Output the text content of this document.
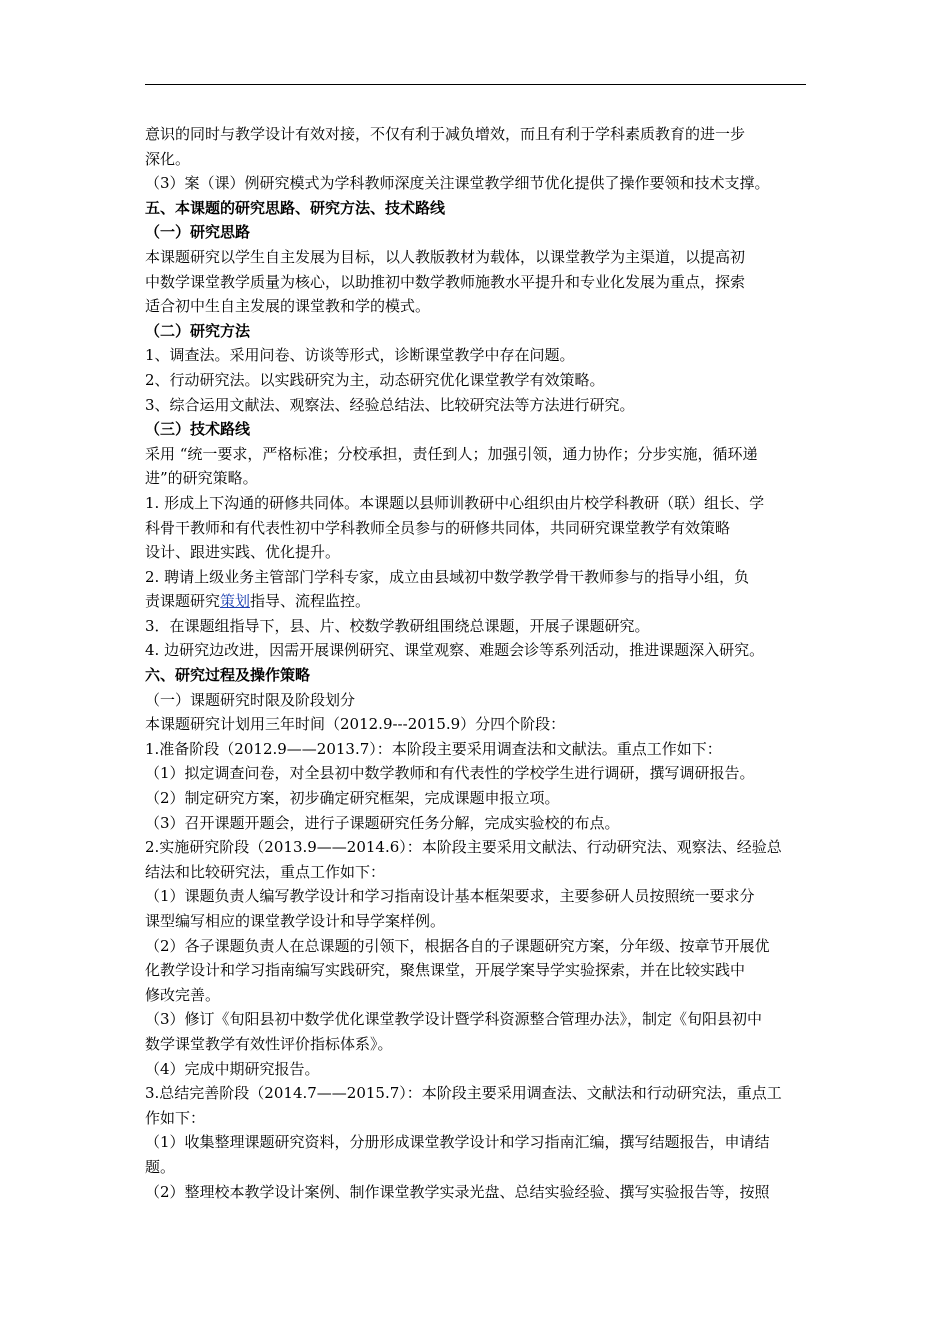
意识的同时与教学设计有效对接，不仅有利于减负增效，而且有利于学科素质教育的进一步

深化。

（3）案（课）例研究模式为学科教师深度关注课堂教学细节优化提供了操作要领和技术支撑。

五、本课题的研究思路、研究方法、技术路线

（一）研究思路

本课题研究以学生自主发展为目标，以人教版教材为载体，以课堂教学为主渠道，以提高初

中数学课堂教学质量为核心，以助推初中数学教师施教水平提升和专业化发展为重点，探索

适合初中生自主发展的课堂教和学的模式。

（二）研究方法

1、调查法。采用问卷、访谈等形式，诊断课堂教学中存在问题。

2、行动研究法。以实践研究为主，动态研究优化课堂教学有效策略。

3、综合运用文献法、观察法、经验总结法、比较研究法等方法进行研究。

（三）技术路线

采用 “统一要求，严格标准；分校承担，责任到人；加强引领，通力协作；分步实施，循环递

进”的研究策略。

1. 形成上下沟通的研修共同体。本课题以县师训教研中心组织由片校学科教研（联）组长、学

科骨干教师和有代表性初中学科教师全员参与的研修共同体，共同研究课堂教学有效策略

设计、跟进实践、优化提升。

2. 聘请上级业务主管部门学科专家，成立由县域初中数学教学骨干教师参与的指导小组，负

责课题研究策划指导、流程监控。

3．在课题组指导下，县、片、校数学教研组围绕总课题，开展子课题研究。

4. 边研究边改进，因需开展课例研究、课堂观察、难题会诊等系列活动，推进课题深入研究。

六、研究过程及操作策略

（一）课题研究时限及阶段划分

本课题研究计划用三年时间（2012.9---2015.9）分四个阶段：

1.准备阶段（2012.9——2013.7）：本阶段主要采用调查法和文献法。重点工作如下：

（1）拟定调查问卷，对全县初中数学教师和有代表性的学校学生进行调研，撰写调研报告。

（2）制定研究方案，初步确定研究框架，完成课题申报立项。

（3）召开课题开题会，进行子课题研究任务分解，完成实验校的布点。

2.实施研究阶段（2013.9——2014.6）：本阶段主要采用文献法、行动研究法、观察法、经验总

结法和比较研究法，重点工作如下：

（1）课题负责人编写教学设计和学习指南设计基本框架要求，主要参研人员按照统一要求分

课型编写相应的课堂教学设计和导学案样例。

（2）各子课题负责人在总课题的引领下，根据各自的子课题研究方案，分年级、按章节开展优

化教学设计和学习指南编写实践研究，聚焦课堂，开展学案导学实验探索，并在比较实践中

修改完善。

（3）修订《旬阳县初中数学优化课堂教学设计暨学科资源整合管理办法》，制定《旬阳县初中

数学课堂教学有效性评价指标体系》。

（4）完成中期研究报告。

3.总结完善阶段（2014.7——2015.7）：本阶段主要采用调查法、文献法和行动研究法，重点工

作如下：

（1）收集整理课题研究资料，分册形成课堂教学设计和学习指南汇编，撰写结题报告，申请结

题。

（2）整理校本教学设计案例、制作课堂教学实录光盘、总结实验经验、撰写实验报告等，按照
